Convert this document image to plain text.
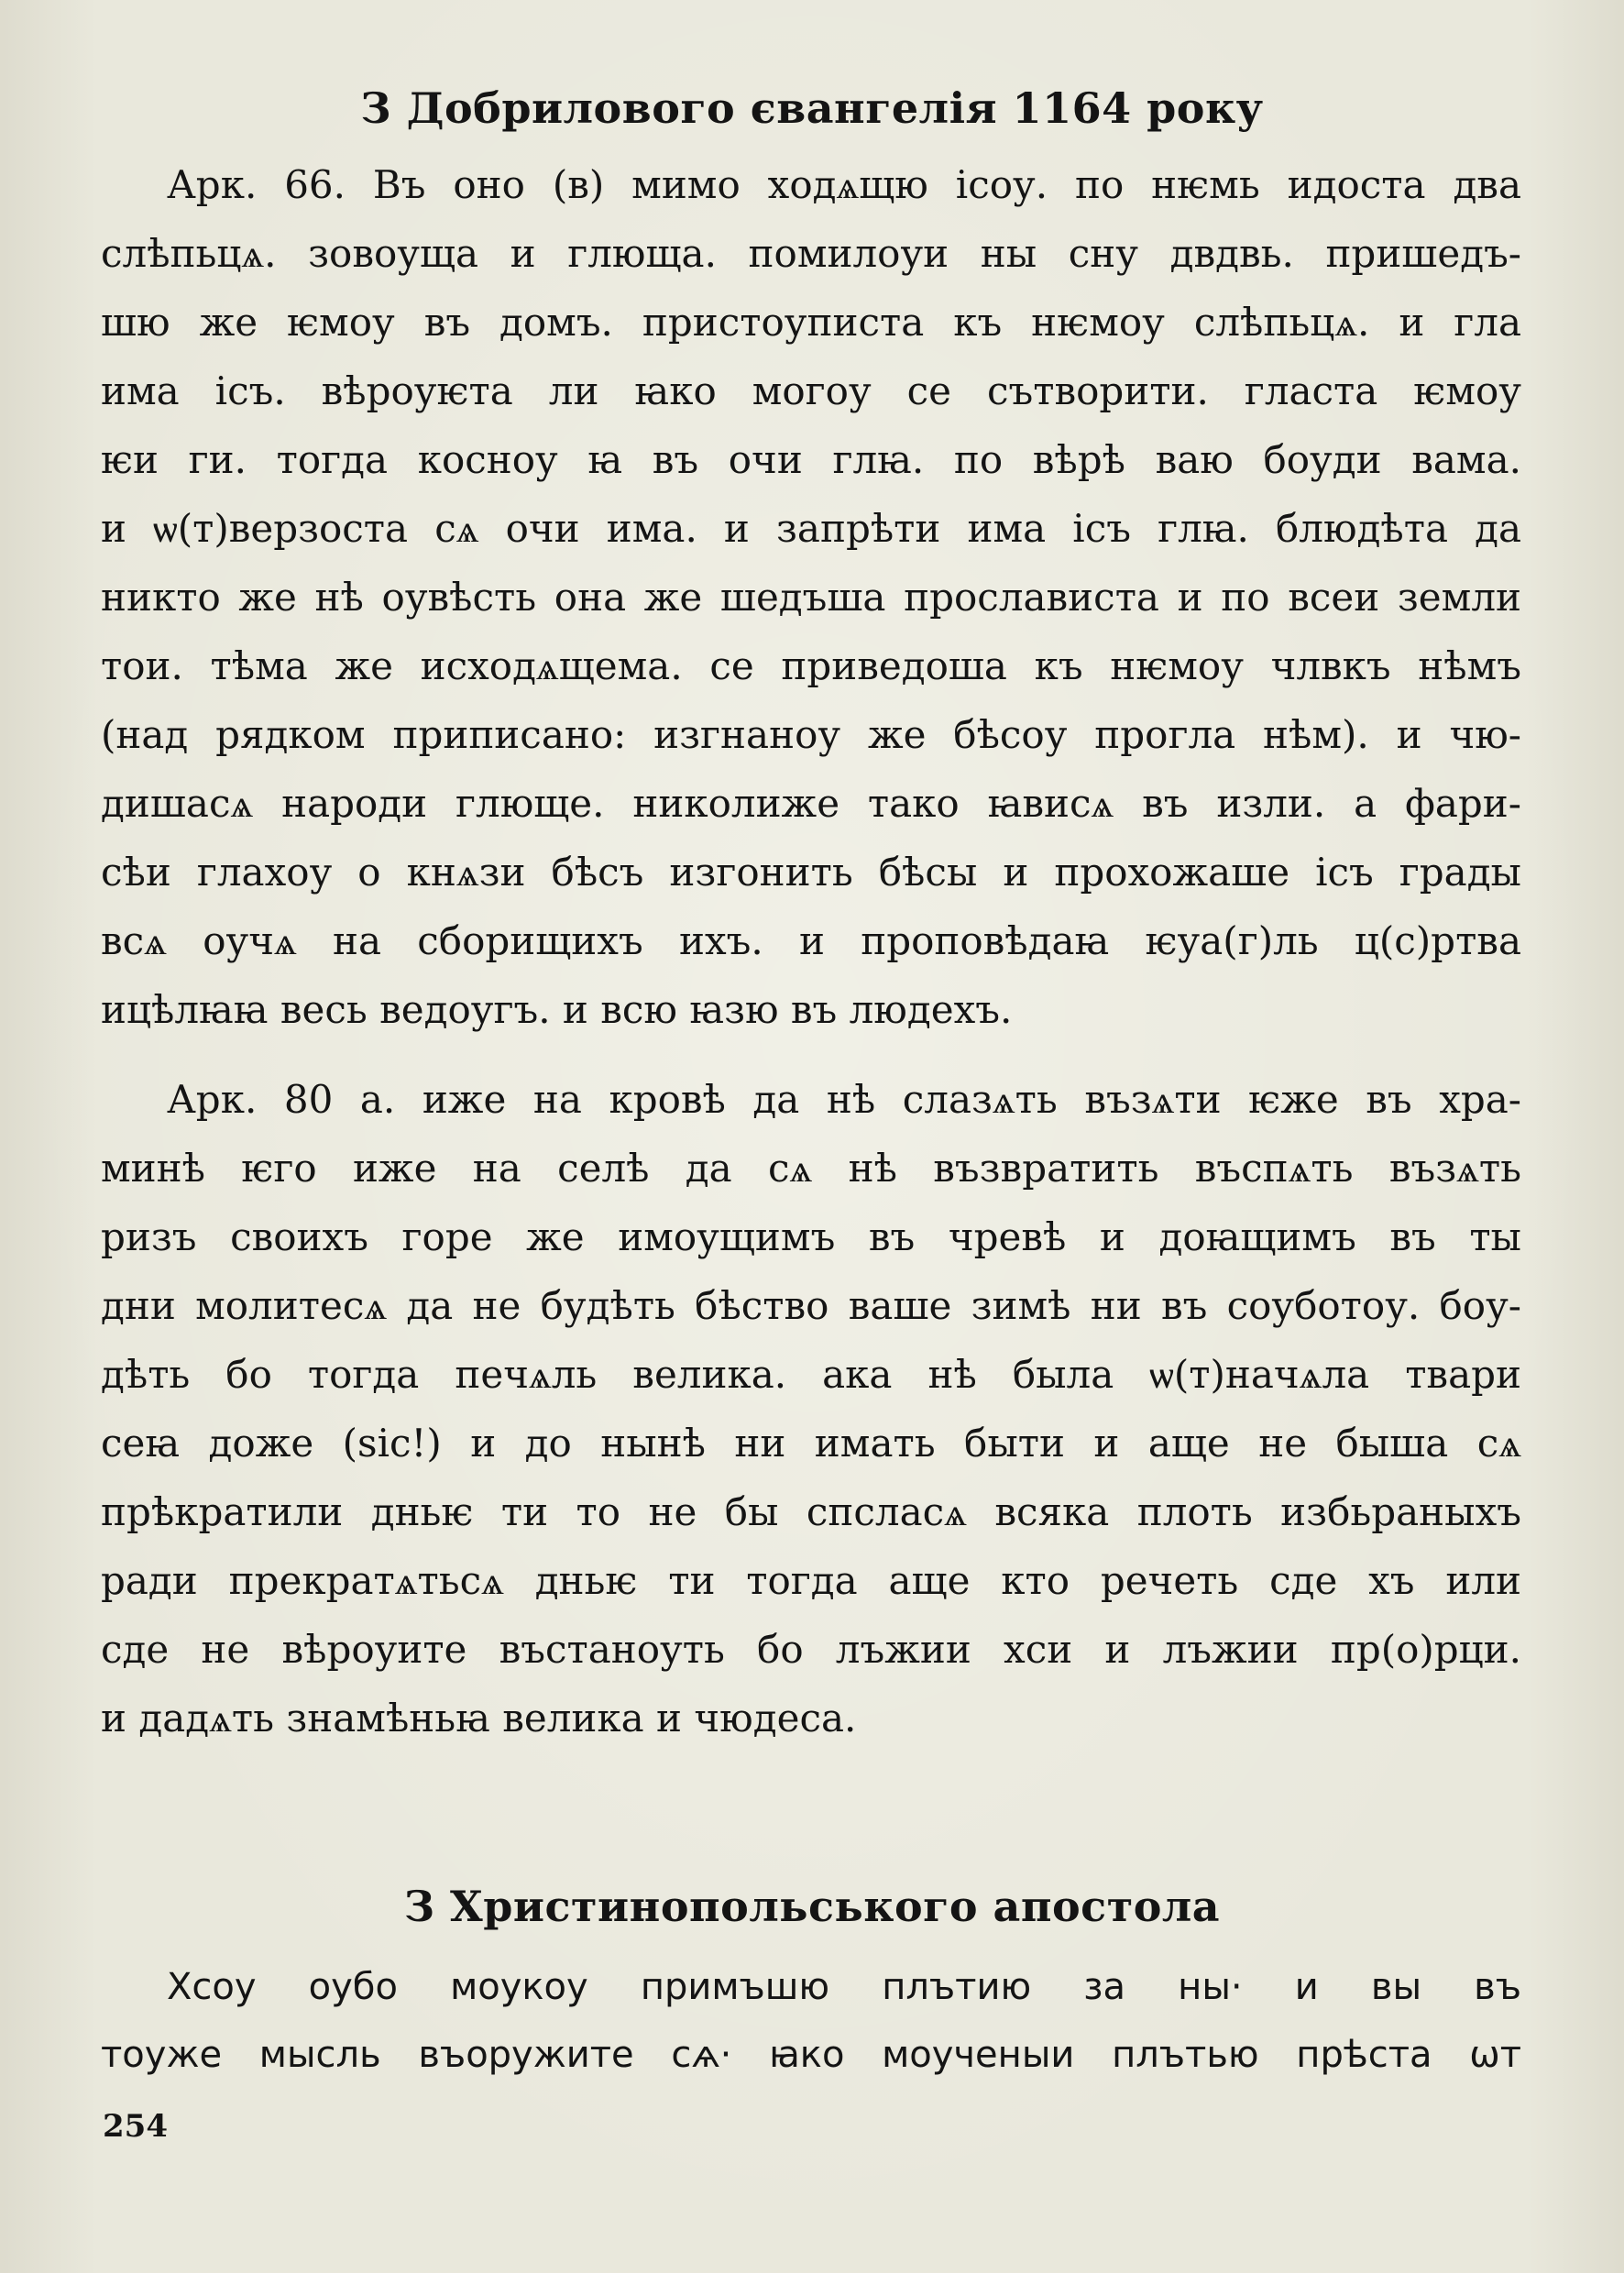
З Добрилового євангелія 1164 року

Арк. 66. Въ оно (в) мимо ходѧщю ісоу. по нѥмь идоста два

слѣпьцѧ. зовоуща и глюща. помилоуи ны сну двдвь. пришедъ-

шю же ѥмоу въ домъ. пристоуписта къ нѥмоу слѣпьцѧ. и гла

има ісъ. вѣроуѥта ли ꙗко могоу се сътворити. гласта ѥмоу

ѥи ги. тогда косноу ꙗ въ очи глꙗ. по вѣрѣ ваю боуди вама.

и ѡ(т)верзоста сѧ очи има. и запрѣти има ісъ глꙗ. блюдѣта да

никто же нѣ оувѣсть она же шедъша прослависта и по всеи земли

тои. тѣма же исходѧщема. се приведоша къ нѥмоу члвкъ нѣмъ

(над рядком приписано: изгнаноу же бѣсоу прогла нѣм). и чю-

дишасѧ народи глюще. николиже тако ꙗвисѧ въ изли. а фари-

сѣи глахоу о кнѧзи бѣсъ изгонить бѣсы и прохожаше ісъ грады

всѧ оучѧ на сборищихъ ихъ. и проповѣдаꙗ ѥуа(г)ль ц(с)ртва

ицѣлꙗꙗ весь ведоугъ. и всю ꙗзю въ людехъ.

Арк. 80 а. иже на кровѣ да нѣ слазѧть възѧти ѥже въ хра-

минѣ ѥго иже на селѣ да сѧ нѣ възвратить въспѧть възѧть

ризъ своихъ горе же имоущимъ въ чревѣ и доꙗщимъ въ ты

дни молитесѧ да не будѣть бѣство ваше зимѣ ни въ соуботоу. боу-

дѣть бо тогда печѧль велика. ака нѣ была ѡ(т)начѧла твари

сеꙗ доже (sic!) и до нынѣ ни имать быти и аще не быша сѧ

прѣкратили дньѥ ти то не бы спсласѧ всяка плоть избьраныхъ

ради прекратѧтьсѧ дньѥ ти тогда аще кто речеть сде хъ или

сде не вѣроуите въстаноуть бо лъжии хси и лъжии пр(о)рци.

и дадѧть знамѣньꙗ велика и чюдеса.

З Христинопольського апостола

Хсоу оубо моукоу примъшю плътию за ны· и вы въ

тоуже мысль въоружите сѧ· ꙗко моученыи плътью прѣста ѡт

254
